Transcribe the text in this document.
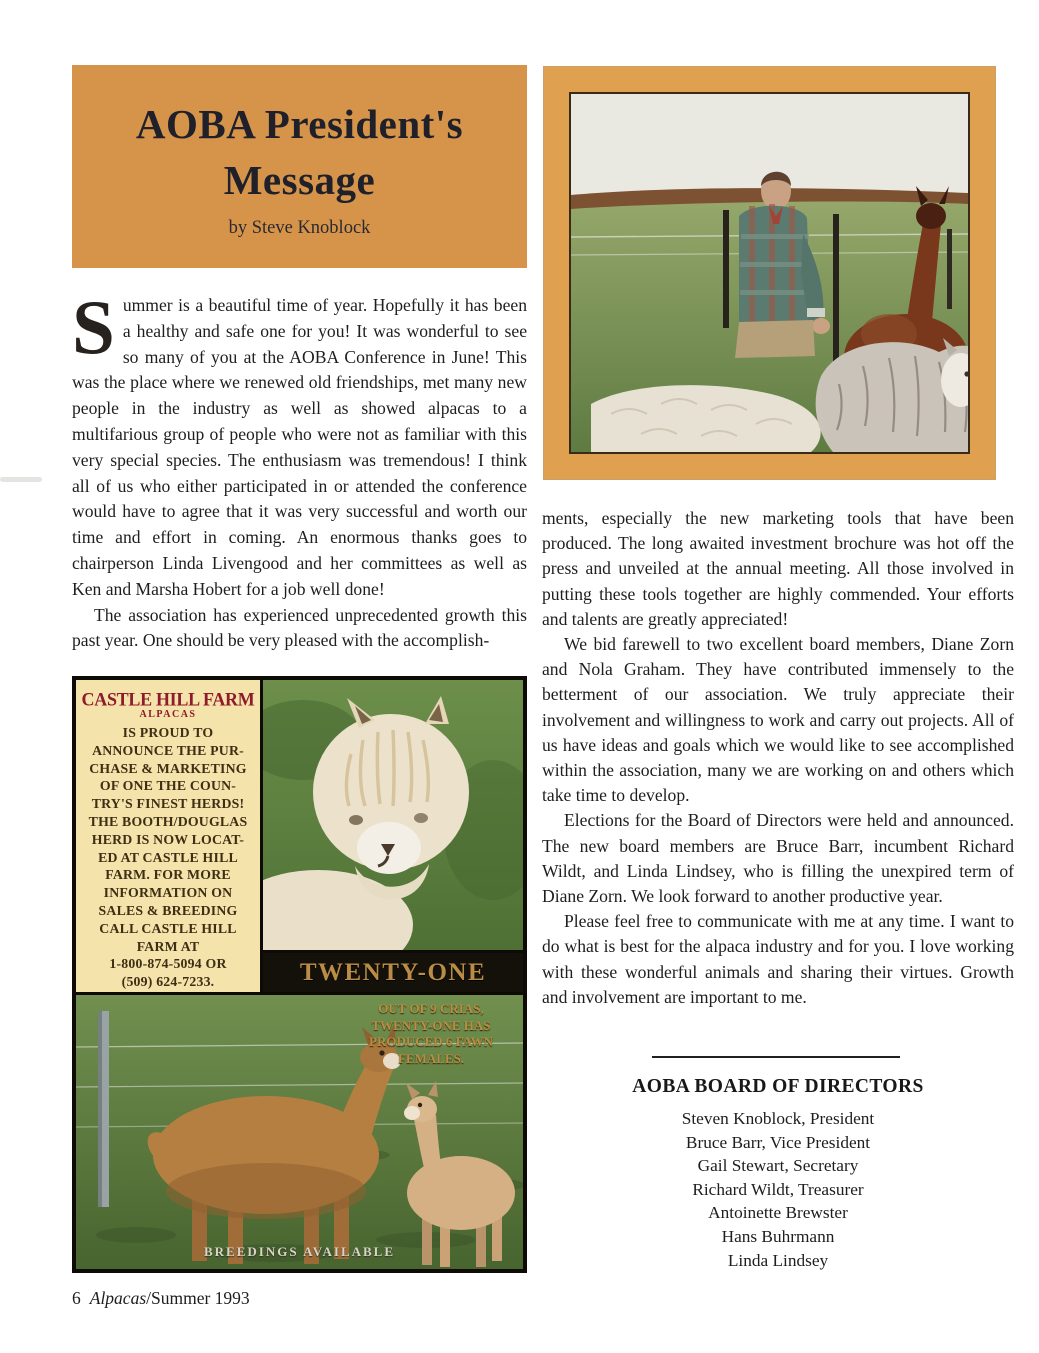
AOBA President's
Message
by Steve Knoblock

Summer is a beautiful time of year. Hopefully it has been a healthy and safe one for you! It was wonderful to see so many of you at the AOBA Conference in June! This was the place where we renewed old friendships, met many new people in the industry as well as showed alpacas to a multifarious group of people who were not as familiar with this very special species. The enthusiasm was tremendous! I think all of us who either participated in or attended the conference would have to agree that it was very successful and worth our time and effort in coming. An enormous thanks goes to chairperson Linda Livengood and her committees as well as Ken and Marsha Hobert for a job well done!

The association has experienced unprecedented growth this past year. One should be very pleased with the accomplish-

ments, especially the new marketing tools that have been produced. The long awaited investment brochure was hot off the press and unveiled at the annual meeting. All those involved in putting these tools together are highly commended. Your efforts and talents are greatly appreciated!

We bid farewell to two excellent board members, Diane Zorn and Nola Graham. They have contributed immensely to the betterment of our association. We truly appreciate their involvement and willingness to work and carry out projects. All of us have ideas and goals which we would like to see accomplished within the association, many we are working on and others which take time to develop.

Elections for the Board of Directors were held and announced. The new board members are Bruce Barr, incumbent Richard Wildt, and Linda Lindsey, who is filling the unexpired term of Diane Zorn. We look forward to another productive year.

Please feel free to communicate with me at any time. I want to do what is best for the alpaca industry and for you. I love working with these wonderful animals and sharing their virtues. Growth and involvement are important to me.

AOBA BOARD OF DIRECTORS
Steven Knoblock, President
Bruce Barr, Vice President
Gail Stewart, Secretary
Richard Wildt, Treasurer
Antoinette Brewster
Hans Buhrmann
Linda Lindsey
CASTLE HILL FARM
ALPACAS
IS PROUD TO
ANNOUNCE THE PUR-
CHASE & MARKETING
OF ONE THE COUN-
TRY'S FINEST HERDS!
THE BOOTH/DOUGLAS
HERD IS NOW LOCAT-
ED AT CASTLE HILL
FARM. FOR MORE
INFORMATION ON
SALES & BREEDING
CALL CASTLE HILL
FARM AT
1-800-874-5094 OR
(509) 624-7233.	TWENTY-ONE
OUT OF 9 CRIAS,
TWENTY-ONE HAS
PRODUCED 6 FAWN
FEMALES.
BREEDINGS AVAILABLE
6 Alpacas/Summer 1993
